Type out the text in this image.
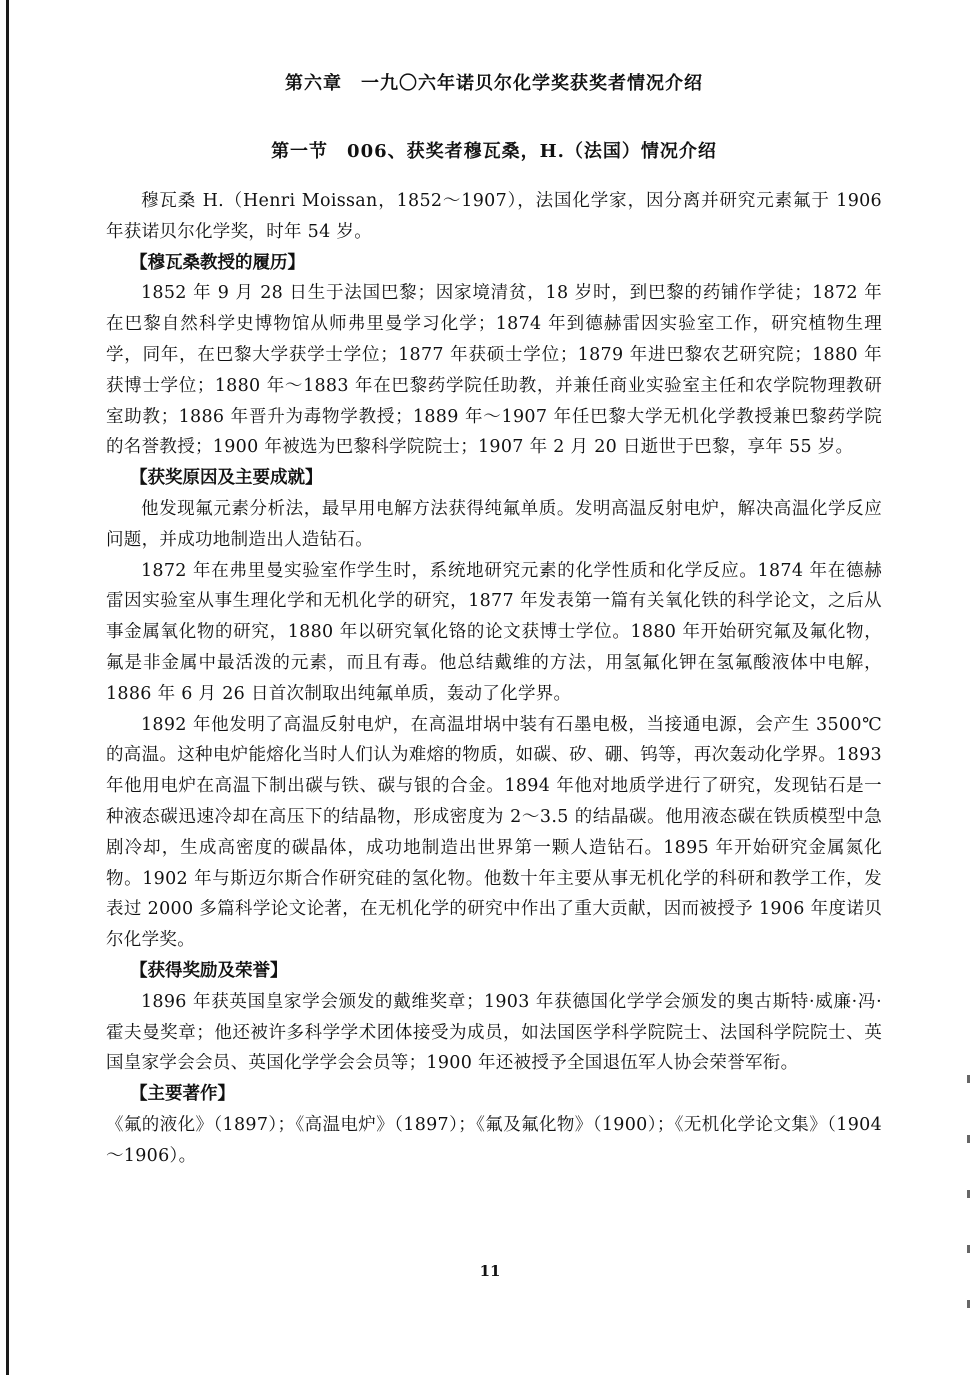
第六章　一九〇六年诺贝尔化学奖获奖者情况介绍
第一节　006、获奖者穆瓦桑，H.（法国）情况介绍

穆瓦桑 H.（Henri Moissan，1852～1907），法国化学家，因分离并研究元素氟于 1906 年获诺贝尔化学奖，时年 54 岁。

【穆瓦桑教授的履历】

1852 年 9 月 28 日生于法国巴黎；因家境清贫，18 岁时，到巴黎的药铺作学徒；1872 年在巴黎自然科学史博物馆从师弗里曼学习化学；1874 年到德赫雷因实验室工作，研究植物生理学，同年，在巴黎大学获学士学位；1877 年获硕士学位；1879 年进巴黎农艺研究院；1880 年获博士学位；1880 年～1883 年在巴黎药学院任助教，并兼任商业实验室主任和农学院物理教研室助教；1886 年晋升为毒物学教授；1889 年～1907 年任巴黎大学无机化学教授兼巴黎药学院的名誉教授；1900 年被选为巴黎科学院院士；1907 年 2 月 20 日逝世于巴黎，享年 55 岁。

【获奖原因及主要成就】

他发现氟元素分析法，最早用电解方法获得纯氟单质。发明高温反射电炉，解决高温化学反应问题，并成功地制造出人造钻石。

1872 年在弗里曼实验室作学生时，系统地研究元素的化学性质和化学反应。1874 年在德赫雷因实验室从事生理化学和无机化学的研究，1877 年发表第一篇有关氧化铁的科学论文，之后从事金属氧化物的研究，1880 年以研究氧化铬的论文获博士学位。1880 年开始研究氟及氟化物，氟是非金属中最活泼的元素，而且有毒。他总结戴维的方法，用氢氟化钾在氢氟酸液体中电解，1886 年 6 月 26 日首次制取出纯氟单质，轰动了化学界。

1892 年他发明了高温反射电炉，在高温坩埚中装有石墨电极，当接通电源，会产生 3500℃的高温。这种电炉能熔化当时人们认为难熔的物质，如碳、矽、硼、钨等，再次轰动化学界。1893 年他用电炉在高温下制出碳与铁、碳与银的合金。1894 年他对地质学进行了研究，发现钻石是一种液态碳迅速冷却在高压下的结晶物，形成密度为 2～3.5 的结晶碳。他用液态碳在铁质模型中急剧冷却，生成高密度的碳晶体，成功地制造出世界第一颗人造钻石。1895 年开始研究金属氮化物。1902 年与斯迈尔斯合作研究硅的氢化物。他数十年主要从事无机化学的科研和教学工作，发表过 2000 多篇科学论文论著，在无机化学的研究中作出了重大贡献，因而被授予 1906 年度诺贝尔化学奖。

【获得奖励及荣誉】

1896 年获英国皇家学会颁发的戴维奖章；1903 年获德国化学学会颁发的奥古斯特·威廉·冯·霍夫曼奖章；他还被许多科学学术团体接受为成员，如法国医学科学院院士、法国科学院院士、英国皇家学会会员、英国化学学会会员等；1900 年还被授予全国退伍军人协会荣誉军衔。

【主要著作】

《氟的液化》（1897）；《高温电炉》（1897）；《氟及氟化物》（1900）；《无机化学论文集》（1904～1906）。

11
